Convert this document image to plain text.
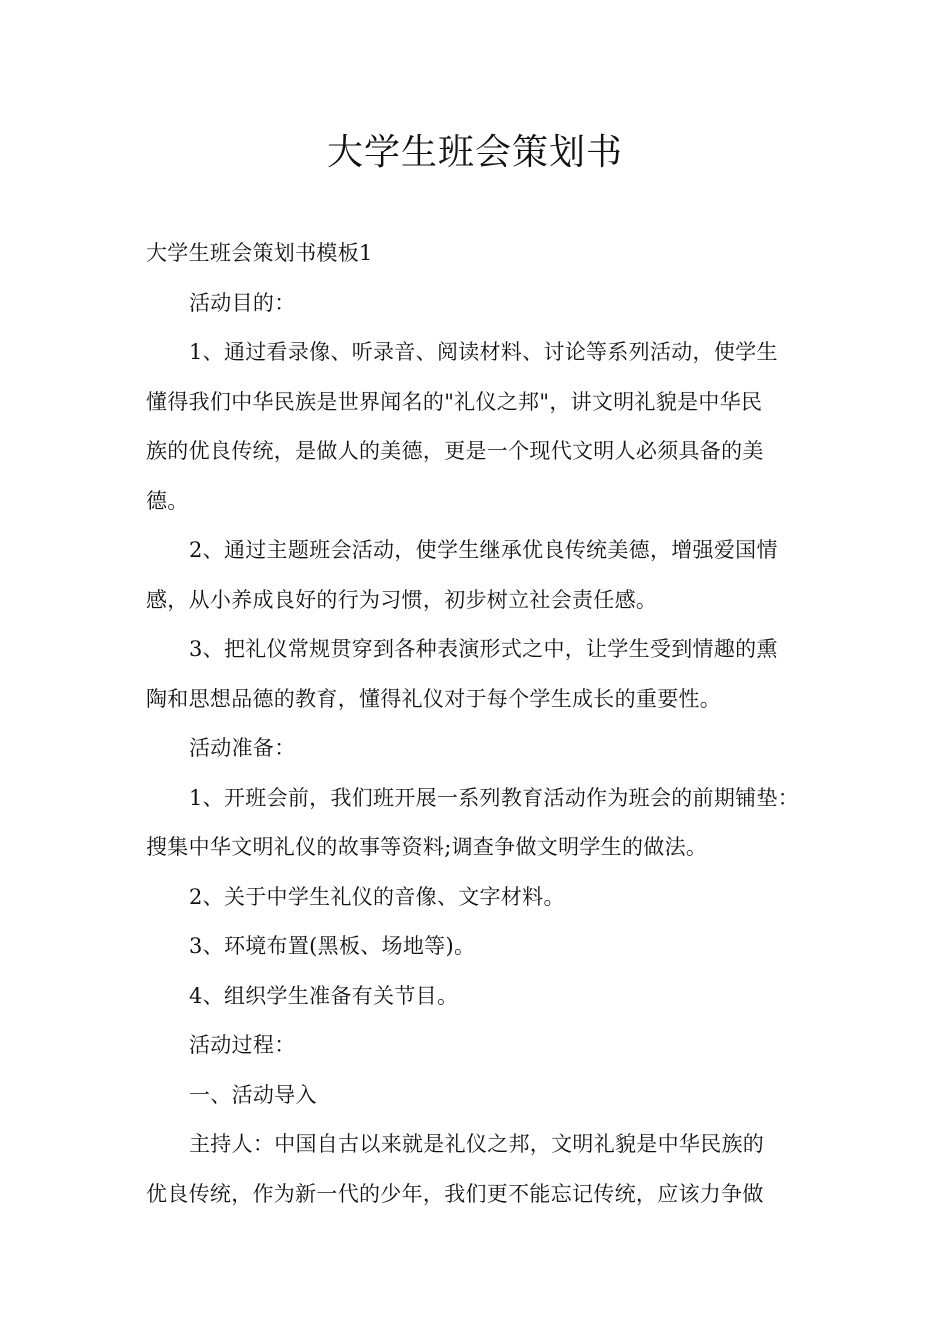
大学生班会策划书
大学生班会策划书模板1
活动目的：
1、通过看录像、听录音、阅读材料、讨论等系列活动，使学生
懂得我们中华民族是世界闻名的"礼仪之邦"，讲文明礼貌是中华民
族的优良传统，是做人的美德，更是一个现代文明人必须具备的美
德。
2、通过主题班会活动，使学生继承优良传统美德，增强爱国情
感，从小养成良好的行为习惯，初步树立社会责任感。
3、把礼仪常规贯穿到各种表演形式之中，让学生受到情趣的熏
陶和思想品德的教育，懂得礼仪对于每个学生成长的重要性。
活动准备：
1、开班会前，我们班开展一系列教育活动作为班会的前期铺垫：
搜集中华文明礼仪的故事等资料;调查争做文明学生的做法。
2、关于中学生礼仪的音像、文字材料。
3、环境布置(黑板、场地等)。
4、组织学生准备有关节目。
活动过程：
一、活动导入
主持人：中国自古以来就是礼仪之邦，文明礼貌是中华民族的
优良传统，作为新一代的少年，我们更不能忘记传统，应该力争做
